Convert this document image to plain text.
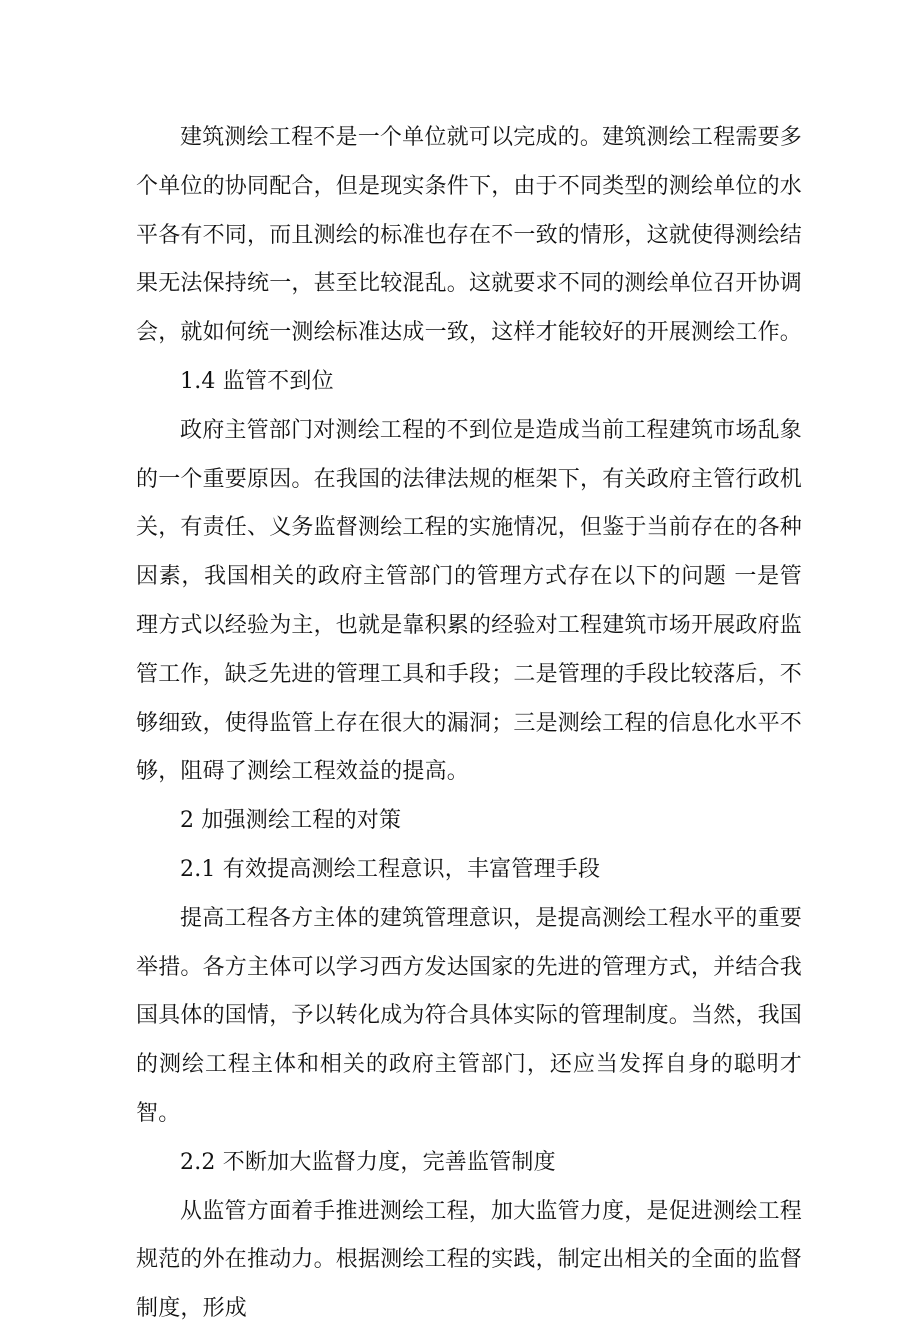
建筑测绘工程不是一个单位就可以完成的。建筑测绘工程需要多个单位的协同配合，但是现实条件下，由于不同类型的测绘单位的水平各有不同，而且测绘的标准也存在不一致的情形，这就使得测绘结果无法保持统一，甚至比较混乱。这就要求不同的测绘单位召开协调会，就如何统一测绘标准达成一致，这样才能较好的开展测绘工作。

1.4 监管不到位

政府主管部门对测绘工程的不到位是造成当前工程建筑市场乱象的一个重要原因。在我国的法律法规的框架下，有关政府主管行政机关，有责任、义务监督测绘工程的实施情况，但鉴于当前存在的各种因素，我国相关的政府主管部门的管理方式存在以下的问题 一是管理方式以经验为主，也就是靠积累的经验对工程建筑市场开展政府监管工作，缺乏先进的管理工具和手段；二是管理的手段比较落后，不够细致，使得监管上存在很大的漏洞；三是测绘工程的信息化水平不够，阻碍了测绘工程效益的提高。

2 加强测绘工程的对策

2.1 有效提高测绘工程意识，丰富管理手段

提高工程各方主体的建筑管理意识，是提高测绘工程水平的重要举措。各方主体可以学习西方发达国家的先进的管理方式，并结合我国具体的国情，予以转化成为符合具体实际的管理制度。当然，我国的测绘工程主体和相关的政府主管部门，还应当发挥自身的聪明才智。

2.2 不断加大监督力度，完善监管制度

从监管方面着手推进测绘工程，加大监管力度，是促进测绘工程规范的外在推动力。根据测绘工程的实践，制定出相关的全面的监督制度，形成
